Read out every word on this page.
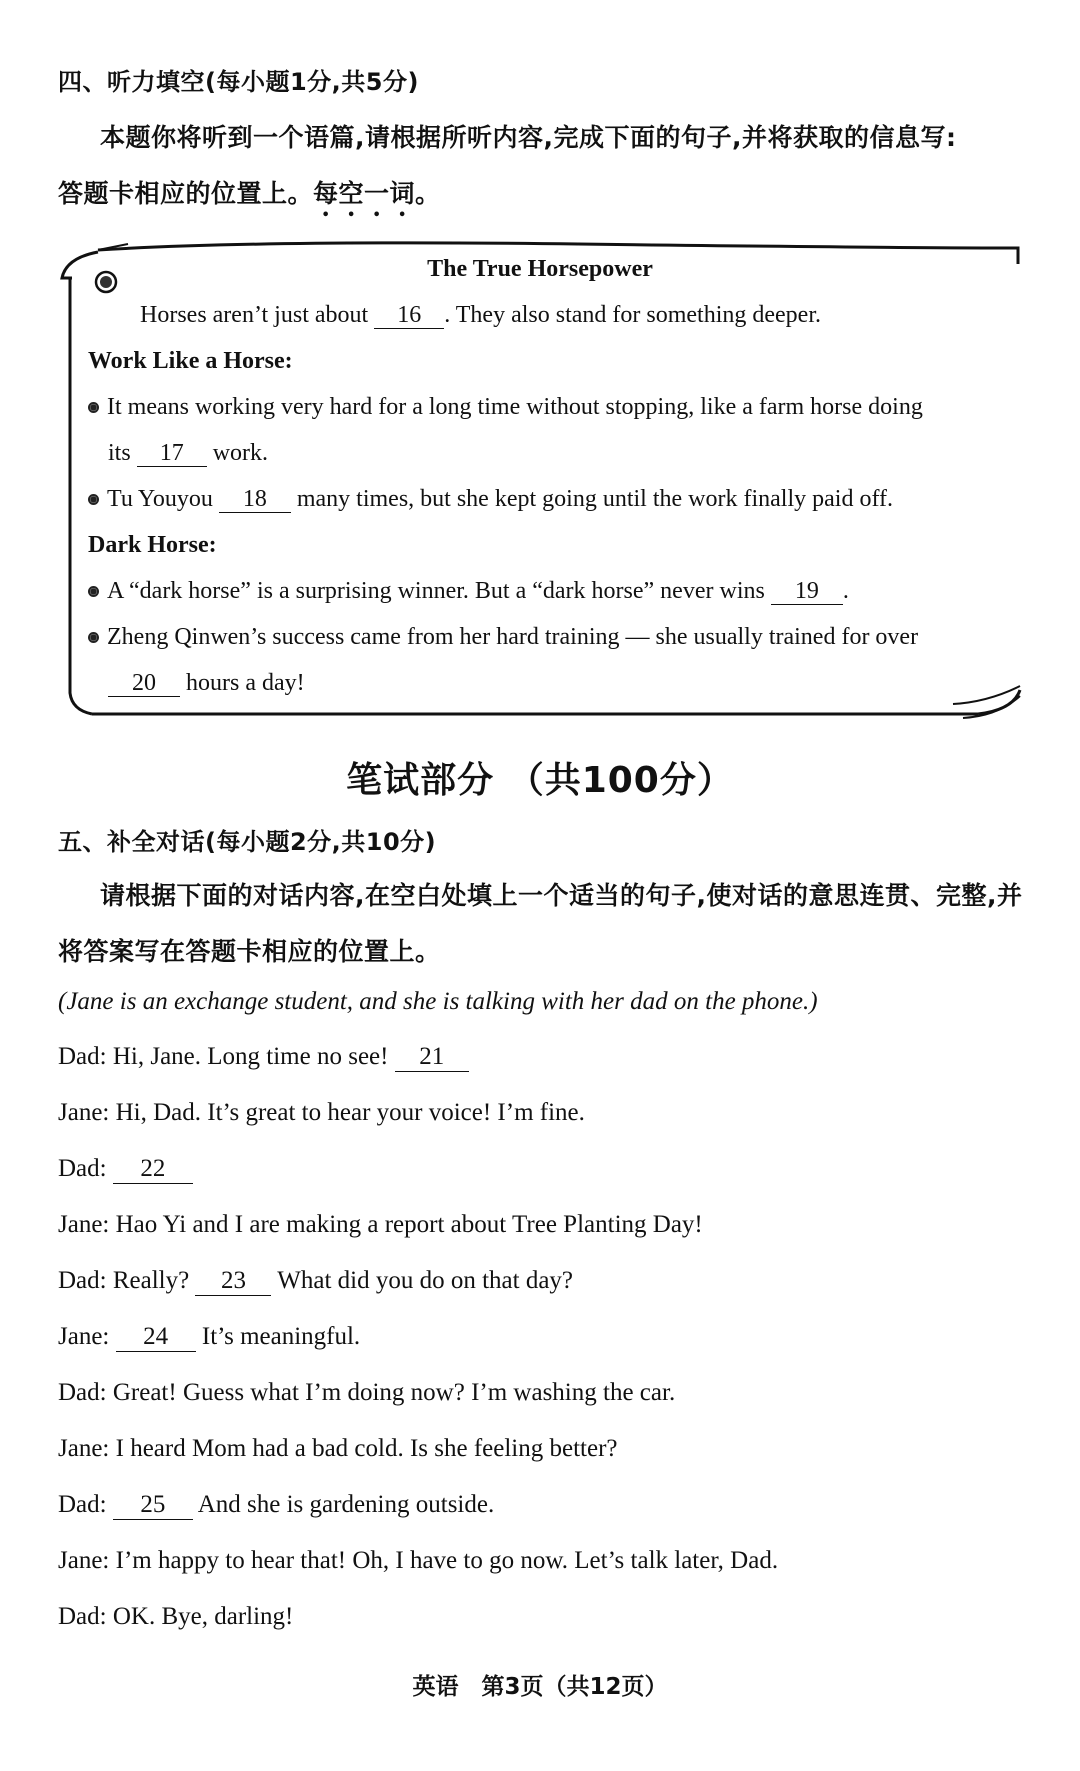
四、听力填空(每小题1分,共5分)
本题你将听到一个语篇,请根据所听内容,完成下面的句子,并将获取的信息写:
答题卡相应的位置上。每空一词。
The True Horsepower
Horses aren’t just about 16 . They also stand for something deeper.
Work Like a Horse:
It means working very hard for a long time without stopping, like a farm horse doing
its 17 work.
Tu Youyou 18 many times, but she kept going until the work finally paid off.
Dark Horse:
A “dark horse” is a surprising winner. But a “dark horse” never wins 19 .
Zheng Qinwen’s success came from her hard training — she usually trained for over
20 hours a day!
笔试部分 （共100分）
五、补全对话(每小题2分,共10分)
请根据下面的对话内容,在空白处填上一个适当的句子,使对话的意思连贯、完整,并
将答案写在答题卡相应的位置上。
(Jane is an exchange student, and she is talking with her dad on the phone.)
Dad: Hi, Jane. Long time no see! 21
Jane: Hi, Dad. It’s great to hear your voice! I’m fine.
Dad: 22
Jane: Hao Yi and I are making a report about Tree Planting Day!
Dad: Really? 23 What did you do on that day?
Jane: 24 It’s meaningful.
Dad: Great! Guess what I’m doing now? I’m washing the car.
Jane: I heard Mom had a bad cold. Is she feeling better?
Dad: 25 And she is gardening outside.
Jane: I’m happy to hear that! Oh, I have to go now. Let’s talk later, Dad.
Dad: OK. Bye, darling!
英语　第3页（共12页）
